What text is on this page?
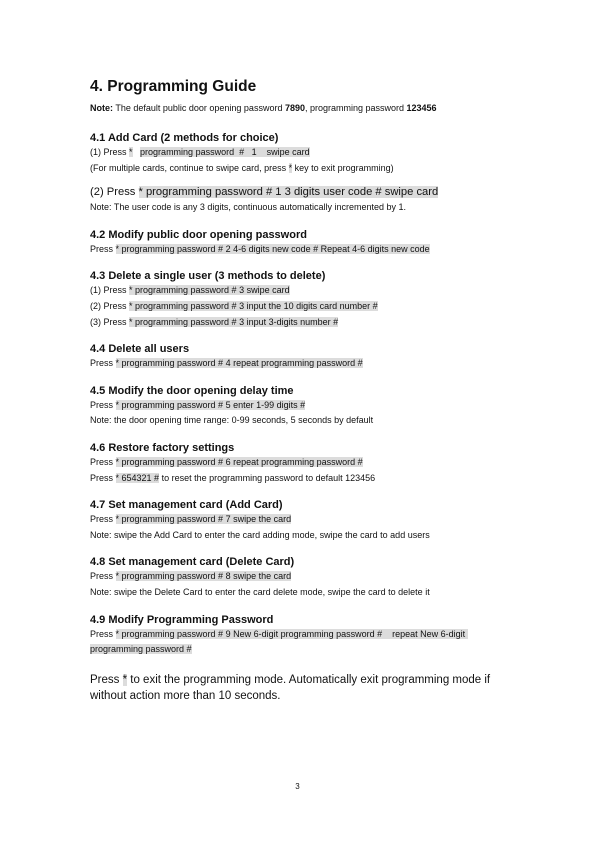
4. Programming Guide
Note: The default public door opening password 7890, programming password 123456
4.1 Add Card (2 methods for choice)
(1) Press * programming password  #   1    swipe card
(For multiple cards, continue to swipe card, press * key to exit programming)
(2) Press * programming password # 1 3 digits user code # swipe card
Note: The user code is any 3 digits, continuous automatically incremented by 1.
4.2 Modify public door opening password
Press * programming password # 2 4-6 digits new code # Repeat 4-6 digits new code
4.3 Delete a single user (3 methods to delete)
(1) Press * programming password # 3 swipe card
(2) Press * programming password # 3 input the 10 digits card number #
(3) Press * programming password # 3 input 3-digits number #
4.4 Delete all users
Press * programming password # 4 repeat programming password #
4.5 Modify the door opening delay time
Press * programming password # 5 enter 1-99 digits #
Note: the door opening time range: 0-99 seconds, 5 seconds by default
4.6 Restore factory settings
Press * programming password # 6 repeat programming password #
Press * 654321 # to reset the programming password to default 123456
4.7 Set management card (Add Card)
Press * programming password # 7 swipe the card
Note: swipe the Add Card to enter the card adding mode, swipe the card to add users
4.8 Set management card (Delete Card)
Press * programming password # 8 swipe the card
Note: swipe the Delete Card to enter the card delete mode, swipe the card to delete it
4.9 Modify Programming Password
Press * programming password # 9 New 6-digit programming password #    repeat New 6-digit programming password #
Press * to exit the programming mode. Automatically exit programming mode if without action more than 10 seconds.
3
